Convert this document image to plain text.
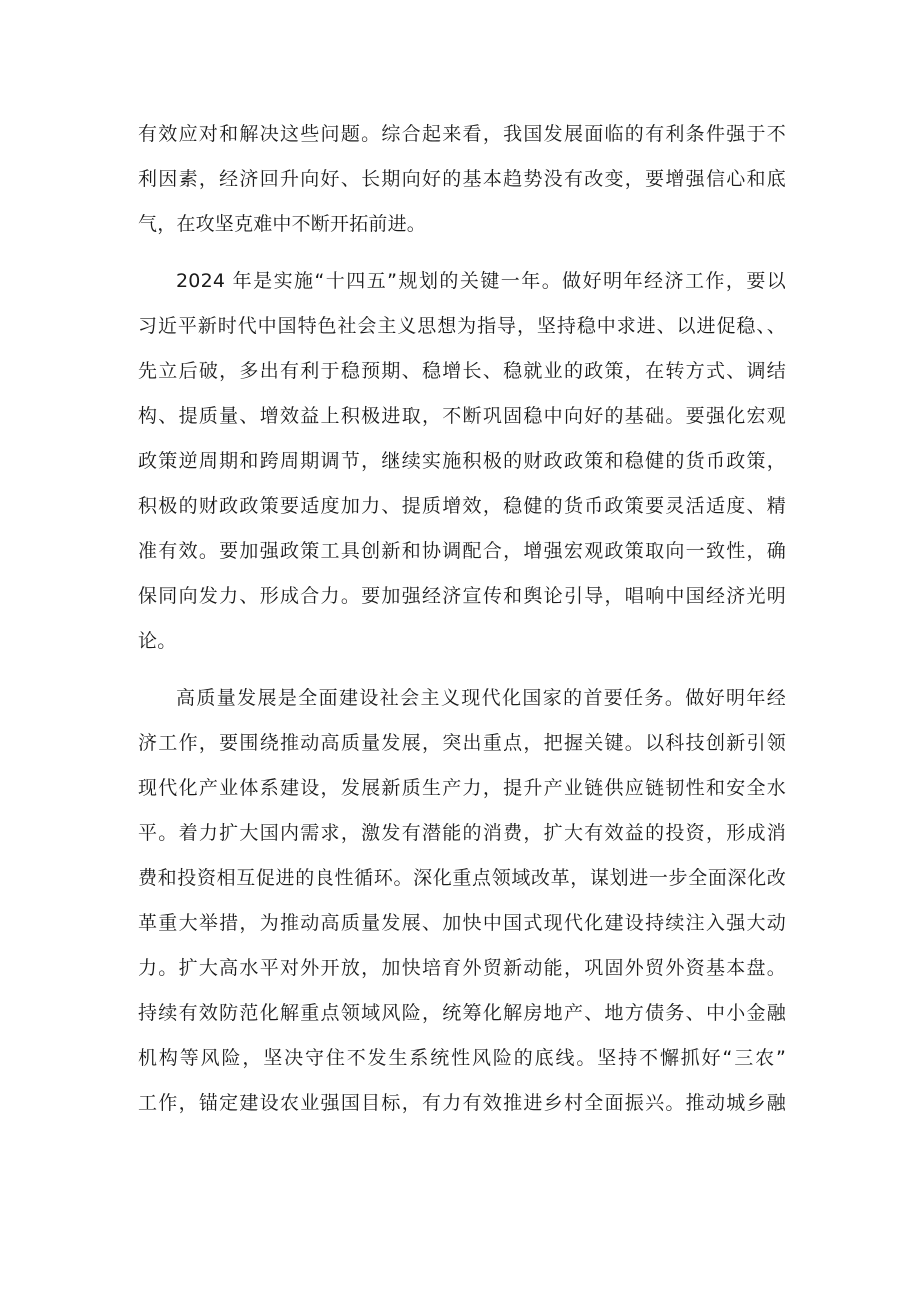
有效应对和解决这些问题。综合起来看，我国发展面临的有利条件强于不
利因素，经济回升向好、长期向好的基本趋势没有改变，要增强信心和底
气，在攻坚克难中不断开拓前进。
2024 年是实施“十四五”规划的关键一年。做好明年经济工作，要以
习近平新时代中国特色社会主义思想为指导，坚持稳中求进、以进促稳、、
先立后破，多出有利于稳预期、稳增长、稳就业的政策，在转方式、调结
构、提质量、增效益上积极进取，不断巩固稳中向好的基础。要强化宏观
政策逆周期和跨周期调节，继续实施积极的财政政策和稳健的货币政策，
积极的财政政策要适度加力、提质增效，稳健的货币政策要灵活适度、精
准有效。要加强政策工具创新和协调配合，增强宏观政策取向一致性，确
保同向发力、形成合力。要加强经济宣传和舆论引导，唱响中国经济光明
论。
高质量发展是全面建设社会主义现代化国家的首要任务。做好明年经
济工作，要围绕推动高质量发展，突出重点，把握关键。以科技创新引领
现代化产业体系建设，发展新质生产力，提升产业链供应链韧性和安全水
平。着力扩大国内需求，激发有潜能的消费，扩大有效益的投资，形成消
费和投资相互促进的良性循环。深化重点领域改革，谋划进一步全面深化改
革重大举措，为推动高质量发展、加快中国式现代化建设持续注入强大动
力。扩大高水平对外开放，加快培育外贸新动能，巩固外贸外资基本盘。
持续有效防范化解重点领域风险，统筹化解房地产、地方债务、中小金融
机构等风险，坚决守住不发生系统性风险的底线。坚持不懈抓好“三农”
工作，锚定建设农业强国目标，有力有效推进乡村全面振兴。推动城乡融
